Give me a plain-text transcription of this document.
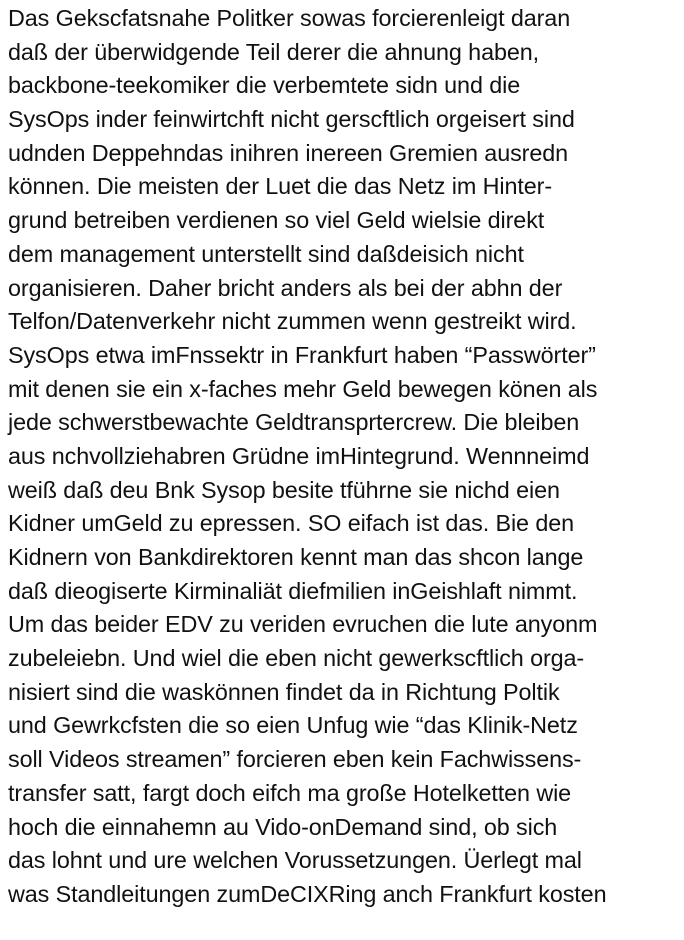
Das Gekscfatsnahe Politker sowas forcierenleigt daran
daß der überwidgende Teil derer die ahnung haben,
backbone-teekomiker die verbemtete sidn und die
SysOps inder feinwirtchft nicht gerscftlich orgeisert sind
udnden Deppehndas inihren inereen Gremien ausredn
können. Die meisten der Luet die das Netz im Hinter-
grund betreiben verdienen so viel Geld wielsie direkt
dem management unterstellt sind daßdeisich nicht
organisieren. Daher bricht anders als bei der abhn der
Telfon/Datenverkehr nicht zummen wenn gestreikt wird.
SysOps etwa imFnssektr in Frankfurt haben “Passwörter”
mit denen sie ein x-faches mehr Geld bewegen könen als
jede schwerstbewachte Geldtransprtercrew. Die bleiben
aus nchvollziehabren Grüdne imHintegrund. Wennneimd
weiß daß deu Bnk Sysop besite tführne sie nichd eien
Kidner umGeld zu epressen. SO eifach ist das. Bie den
Kidnern von Bankdirektoren kennt man das shcon lange
daß dieogiserte Kirminaliät diefmilien inGeishlaft nimmt.
Um das beider EDV zu veriden evruchen die lute anyonm
zubeleiebn. Und wiel die eben nicht gewerkscftlich orga-
nisiert sind die waskönnen findet da in Richtung Poltik
und Gewrkcfsten die so eien Unfug wie “das Klinik-Netz
soll Videos streamen” forcieren eben kein Fachwissens-
transfer satt, fargt doch eifch ma große Hotelketten wie
hoch die einnahemn au Vido-onDemand sind, ob sich
das lohnt und ure welchen Vorussetzungen. Üerlegt mal
was Standleitungen zumDeCIXRing anch Frankfurt kosten
